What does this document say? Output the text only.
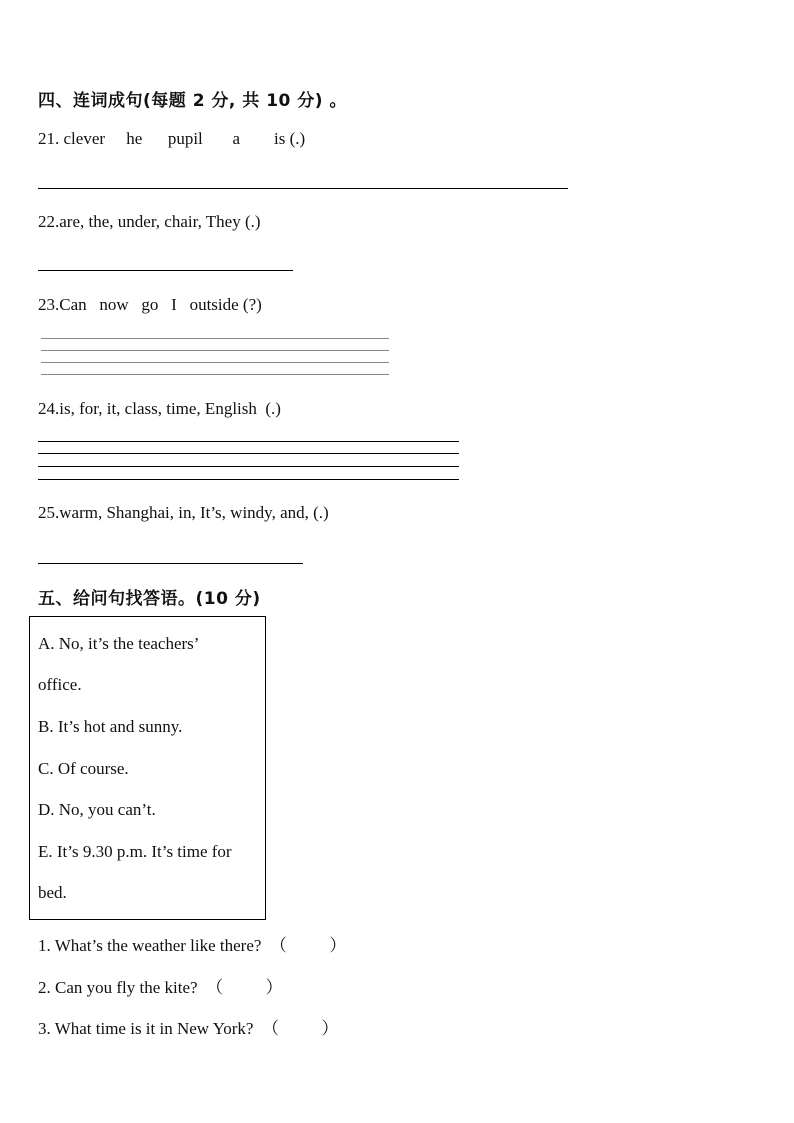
四、连词成句(每题 2 分, 共 10 分) 。
21. clever     he      pupil       a        is (.)
22.are, the, under, chair, They (.)
23.Can   now   go   I   outside (?)
24.is, for, it, class, time, English  (.)
25.warm, Shanghai, in, It’s, windy, and, (.)
五、给问句找答语。(10 分)
A. No, it’s the teachers’
office.
B. It’s hot and sunny.
C. Of course.
D. No, you can’t.
E. It’s 9.30 p.m. It’s time for
bed.
1. What’s the weather like there?  （          ）
2. Can you fly the kite?  （          ）
3. What time is it in New York?  （          ）
